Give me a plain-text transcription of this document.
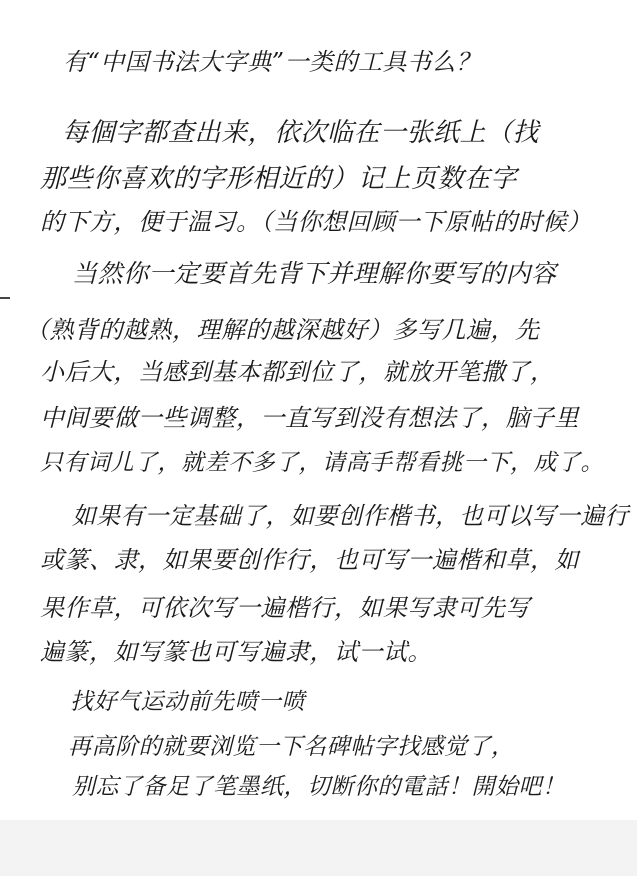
有“中国书法大字典”一类的工具书么？
每個字都查出来，依次临在一张纸上（找
那些你喜欢的字形相近的）记上页数在字
的下方，便于温习。（当你想回顾一下原帖的时候）
当然你一定要首先背下并理解你要写的内容
（熟背的越熟，理解的越深越好）多写几遍，先
小后大，当感到基本都到位了，就放开笔撒了，
中间要做一些调整，一直写到没有想法了，脑子里
只有词儿了，就差不多了，请高手帮看挑一下，成了。
如果有一定基础了，如要创作楷书，也可以写一遍行
或篆、隶，如果要创作行，也可写一遍楷和草，如
果作草，可依次写一遍楷行，如果写隶可先写
遍篆，如写篆也可写遍隶，试一试。
找好气运动前先喷一喷
再高阶的就要浏览一下名碑帖字找感觉了，
别忘了备足了笔墨纸，切断你的電話！開始吧！
